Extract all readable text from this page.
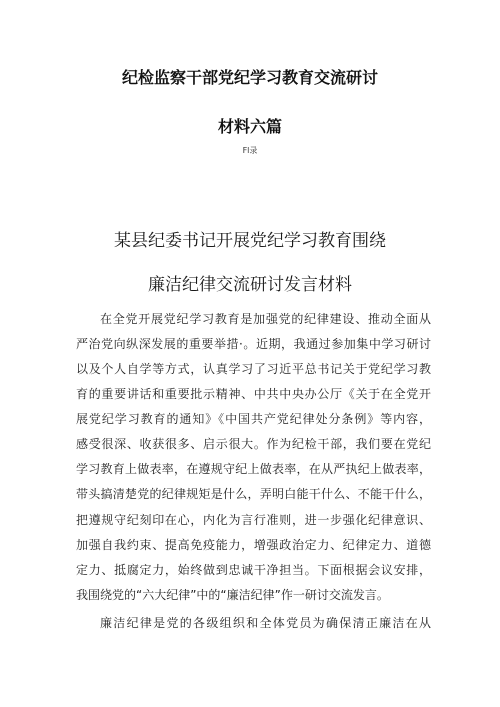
纪检监察干部党纪学习教育交流研讨
材料六篇
Fl录
某县纪委书记开展党纪学习教育围绕
廉洁纪律交流研讨发言材料
在全党开展党纪学习教育是加强党的纪律建设、推动全面从
严治党向纵深发展的重要举措·。近期，我通过参加集中学习研讨
以及个人自学等方式，认真学习了习近平总书记关于党纪学习教
育的重要讲话和重要批示精神、中共中央办公厅《关于在全党开
展党纪学习教育的通知》《中国共产党纪律处分条例》等内容，
感受很深、收获很多、启示很大。作为纪检干部，我们要在党纪
学习教育上做表率，在遵规守纪上做表率，在从严执纪上做表率，
带头搞清楚党的纪律规矩是什么，弄明白能干什么、不能干什么，
把遵规守纪刻印在心，内化为言行准则，进一步强化纪律意识、
加强自我约束、提高免疫能力，增强政治定力、纪律定力、道德
定力、抵腐定力，始终做到忠诚干净担当。下面根据会议安排，
我围绕党的“六大纪律”中的“廉洁纪律”作一研讨交流发言。
廉洁纪律是党的各级组织和全体党员为确保清正廉洁在从
